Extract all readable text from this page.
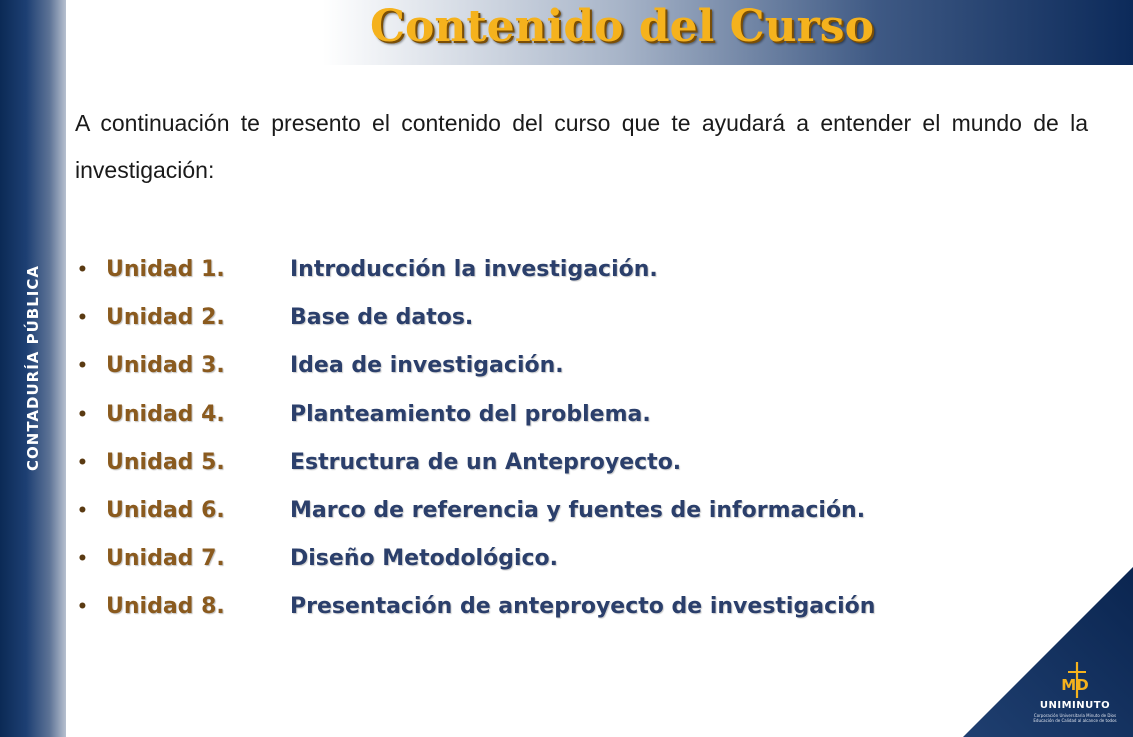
CONTADURÍA PÚBLICA
Contenido del Curso

A continuación te presento el contenido del curso que te ayudará a entender el mundo de la investigación:

• Unidad 1.	Introducción la investigación.
• Unidad 2.	Base de datos.
• Unidad 3.	Idea de investigación.
• Unidad 4.	Planteamiento del problema.
• Unidad 5.	Estructura de un Anteproyecto.
• Unidad 6.	Marco de referencia y fuentes de información.
• Unidad 7.	Diseño Metodológico.
• Unidad 8.	Presentación de anteproyecto de investigación
MD
UNIMINUTO
Corporación Universitaria Minuto de Dios
Educación de Calidad al alcance de todos
